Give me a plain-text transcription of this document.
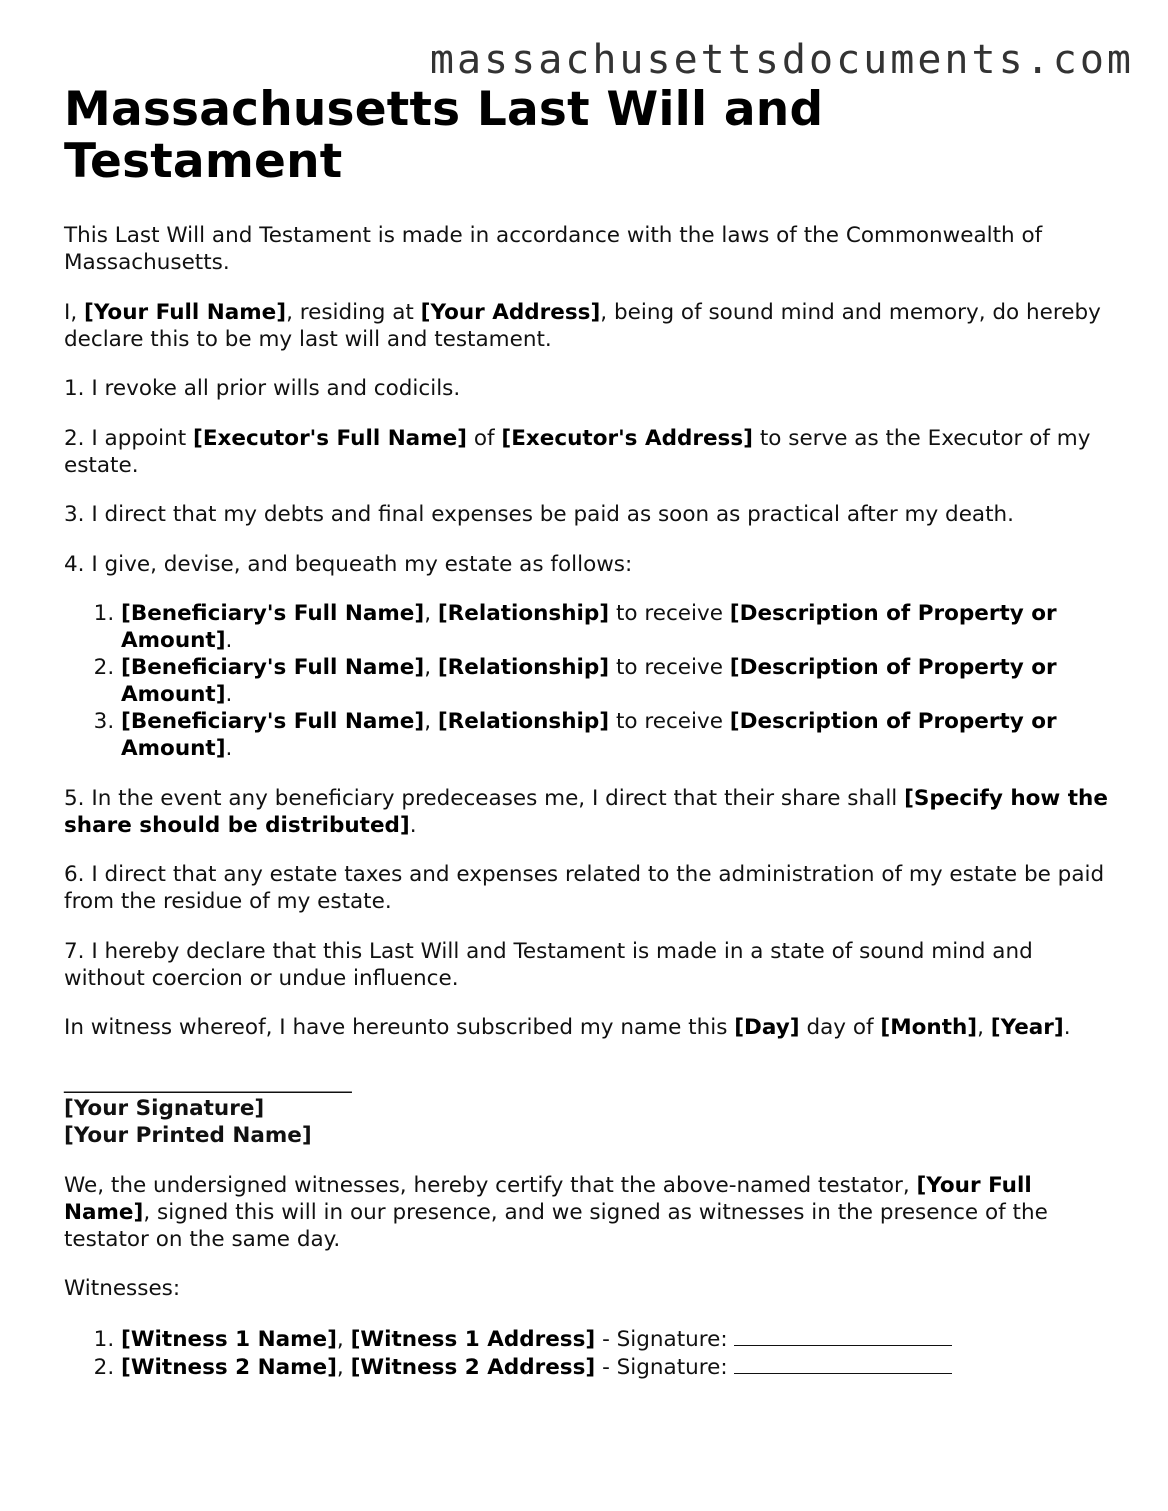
massachusettsdocuments.com
Massachusetts Last Will and Testament

This Last Will and Testament is made in accordance with the laws of the Commonwealth of Massachusetts.

I, [Your Full Name], residing at [Your Address], being of sound mind and memory, do hereby declare this to be my last will and testament.

1. I revoke all prior wills and codicils.

2. I appoint [Executor's Full Name] of [Executor's Address] to serve as the Executor of my estate.

3. I direct that my debts and final expenses be paid as soon as practical after my death.

4. I give, devise, and bequeath my estate as follows:

1. [Beneficiary's Full Name], [Relationship] to receive [Description of Property or Amount].
2. [Beneficiary's Full Name], [Relationship] to receive [Description of Property or Amount].
3. [Beneficiary's Full Name], [Relationship] to receive [Description of Property or Amount].

5. In the event any beneficiary predeceases me, I direct that their share shall [Specify how the share should be distributed].

6. I direct that any estate taxes and expenses related to the administration of my estate be paid from the residue of my estate.

7. I hereby declare that this Last Will and Testament is made in a state of sound mind and without coercion or undue influence.

In witness whereof, I have hereunto subscribed my name this [Day] day of [Month], [Year].

______________________________

[Your Signature]

[Your Printed Name]

We, the undersigned witnesses, hereby certify that the above-named testator, [Your Full Name], signed this will in our presence, and we signed as witnesses in the presence of the testator on the same day.

Witnesses:

1. [Witness 1 Name], [Witness 1 Address] - Signature:
2. [Witness 2 Name], [Witness 2 Address] - Signature:
